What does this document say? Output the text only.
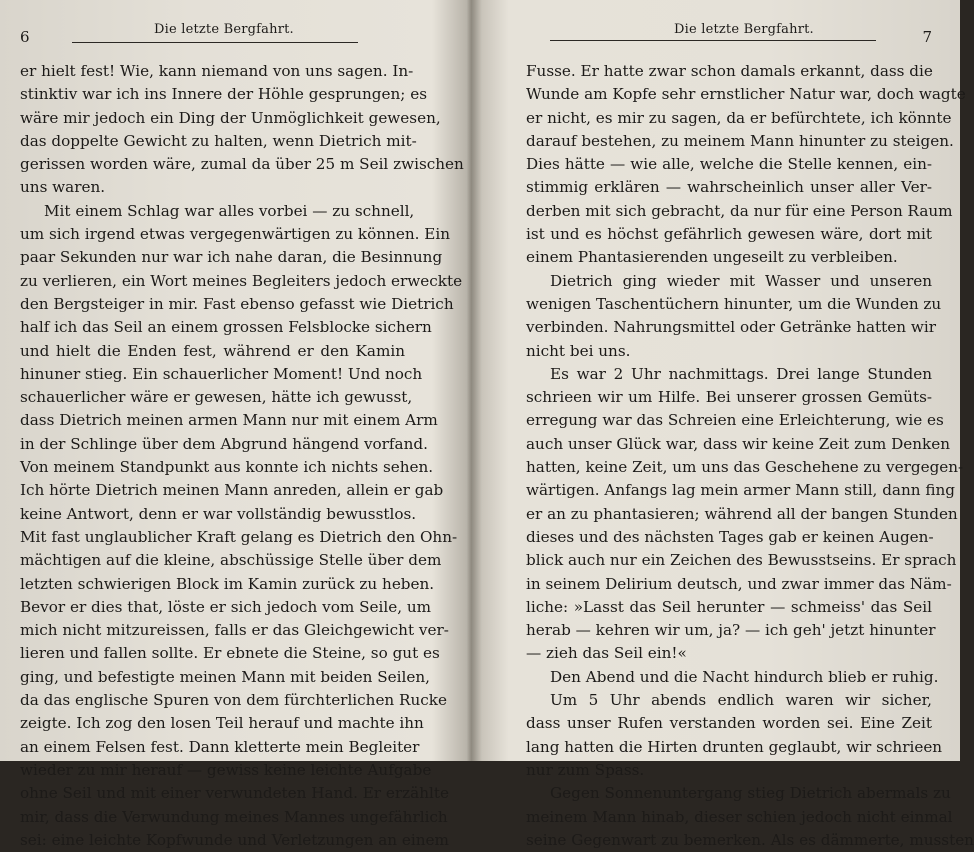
6	Die letzte Bergfahrt.
er hielt fest! Wie, kann niemand von uns sagen. In-
stinktiv war ich ins Innere der Höhle gesprungen; es
wäre mir jedoch ein Ding der Unmöglichkeit gewesen,
das doppelte Gewicht zu halten, wenn Dietrich mit-
gerissen worden wäre, zumal da über 25 m Seil zwischen
uns waren.
Mit einem Schlag war alles vorbei — zu schnell,
um sich irgend etwas vergegenwärtigen zu können. Ein
paar Sekunden nur war ich nahe daran, die Besinnung
zu verlieren, ein Wort meines Begleiters jedoch erweckte
den Bergsteiger in mir. Fast ebenso gefasst wie Dietrich
half ich das Seil an einem grossen Felsblocke sichern
und hielt die Enden fest, während er den Kamin
hinuner stieg. Ein schauerlicher Moment! Und noch
schauerlicher wäre er gewesen, hätte ich gewusst,
dass Dietrich meinen armen Mann nur mit einem Arm
in der Schlinge über dem Abgrund hängend vorfand.
Von meinem Standpunkt aus konnte ich nichts sehen.
Ich hörte Dietrich meinen Mann anreden, allein er gab
keine Antwort, denn er war vollständig bewusstlos.
Mit fast unglaublicher Kraft gelang es Dietrich den Ohn-
mächtigen auf die kleine, abschüssige Stelle über dem
letzten schwierigen Block im Kamin zurück zu heben.
Bevor er dies that, löste er sich jedoch vom Seile, um
mich nicht mitzureissen, falls er das Gleichgewicht ver-
lieren und fallen sollte. Er ebnete die Steine, so gut es
ging, und befestigte meinen Mann mit beiden Seilen,
da das englische Spuren von dem fürchterlichen Rucke
zeigte. Ich zog den losen Teil herauf und machte ihn
an einem Felsen fest. Dann kletterte mein Begleiter
wieder zu mir herauf — gewiss keine leichte Aufgabe
ohne Seil und mit einer verwundeten Hand. Er erzählte
mir, dass die Verwundung meines Mannes ungefährlich
sei: eine leichte Kopfwunde und Verletzungen an einem
Die letzte Bergfahrt.	7
Fusse. Er hatte zwar schon damals erkannt, dass die
Wunde am Kopfe sehr ernstlicher Natur war, doch wagte
er nicht, es mir zu sagen, da er befürchtete, ich könnte
darauf bestehen, zu meinem Mann hinunter zu steigen.
Dies hätte — wie alle, welche die Stelle kennen, ein-
stimmig erklären — wahrscheinlich unser aller Ver-
derben mit sich gebracht, da nur für eine Person Raum
ist und es höchst gefährlich gewesen wäre, dort mit
einem Phantasierenden ungeseilt zu verbleiben.
Dietrich ging wieder mit Wasser und unseren
wenigen Taschentüchern hinunter, um die Wunden zu
verbinden. Nahrungsmittel oder Getränke hatten wir
nicht bei uns.
Es war 2 Uhr nachmittags. Drei lange Stunden
schrieen wir um Hilfe. Bei unserer grossen Gemüts-
erregung war das Schreien eine Erleichterung, wie es
auch unser Glück war, dass wir keine Zeit zum Denken
hatten, keine Zeit, um uns das Geschehene zu vergegen-
wärtigen. Anfangs lag mein armer Mann still, dann fing
er an zu phantasieren; während all der bangen Stunden
dieses und des nächsten Tages gab er keinen Augen-
blick auch nur ein Zeichen des Bewusstseins. Er sprach
in seinem Delirium deutsch, und zwar immer das Näm-
liche: »Lasst das Seil herunter — schmeiss' das Seil
herab — kehren wir um, ja? — ich geh' jetzt hinunter
— zieh das Seil ein!«
Den Abend und die Nacht hindurch blieb er ruhig.
Um 5 Uhr abends endlich waren wir sicher,
dass unser Rufen verstanden worden sei. Eine Zeit
lang hatten die Hirten drunten geglaubt, wir schrieen
nur zum Spass.
Gegen Sonnenuntergang stieg Dietrich abermals zu
meinem Mann hinab, dieser schien jedoch nicht einmal
seine Gegenwart zu bemerken. Als es dämmerte, mussten
